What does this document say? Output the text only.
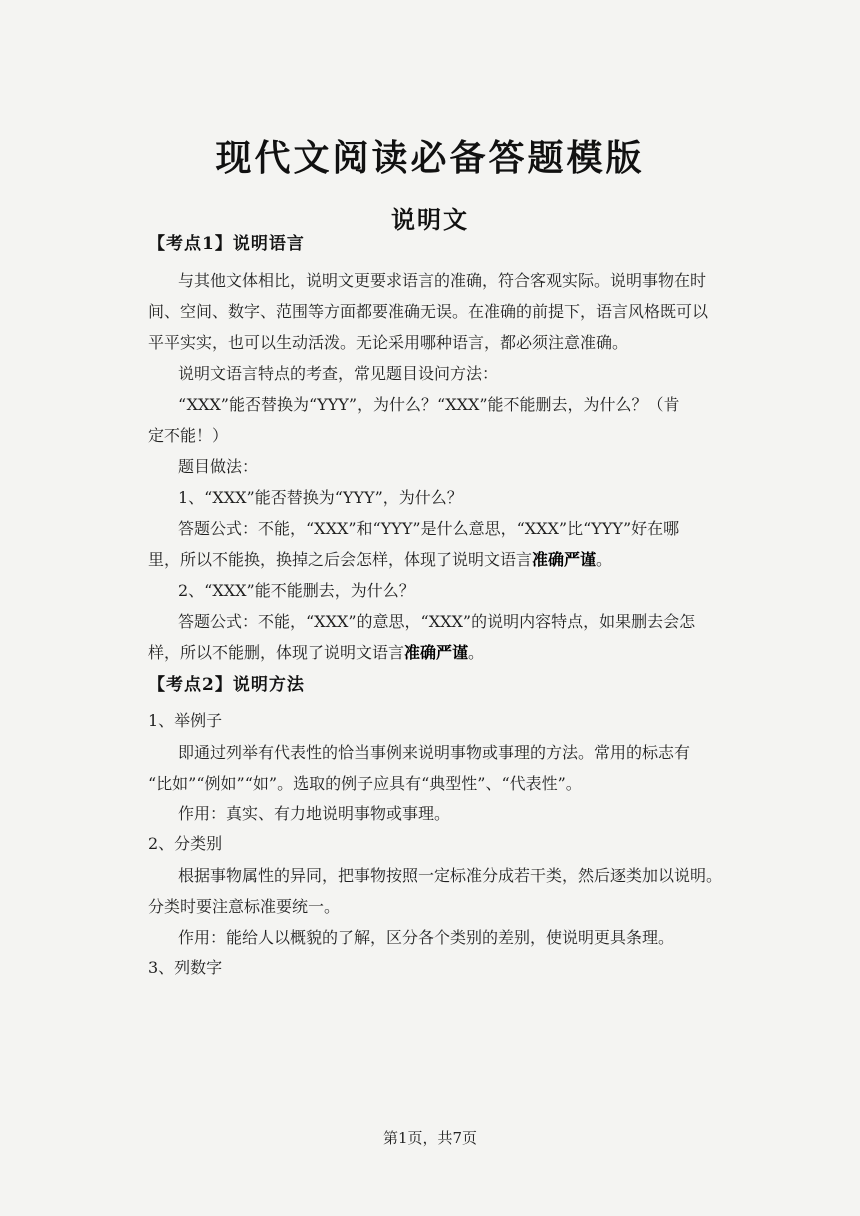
现代文阅读必备答题模版
说明文
【考点1】说明语言
与其他文体相比，说明文更要求语言的准确，符合客观实际。说明事物在时
间、空间、数字、范围等方面都要准确无误。在准确的前提下，语言风格既可以
平平实实，也可以生动活泼。无论采用哪种语言，都必须注意准确。
说明文语言特点的考查，常见题目设问方法：
“XXX”能否替换为“YYY”，为什么？“XXX”能不能删去，为什么？（肯
定不能！）
题目做法：
1、“XXX”能否替换为“YYY”，为什么？
答题公式：不能，“XXX”和“YYY”是什么意思，“XXX”比“YYY”好在哪
里，所以不能换，换掉之后会怎样，体现了说明文语言准确严谨。
2、“XXX”能不能删去，为什么？
答题公式：不能，“XXX”的意思，“XXX”的说明内容特点，如果删去会怎
样，所以不能删，体现了说明文语言准确严谨。
【考点2】说明方法
1、举例子
即通过列举有代表性的恰当事例来说明事物或事理的方法。常用的标志有
“比如”“例如”“如”。选取的例子应具有“典型性”、“代表性”。
作用：真实、有力地说明事物或事理。
2、分类别
根据事物属性的异同，把事物按照一定标准分成若干类，然后逐类加以说明。
分类时要注意标准要统一。
作用：能给人以概貌的了解，区分各个类别的差别，使说明更具条理。
3、列数字
第1页，共7页
